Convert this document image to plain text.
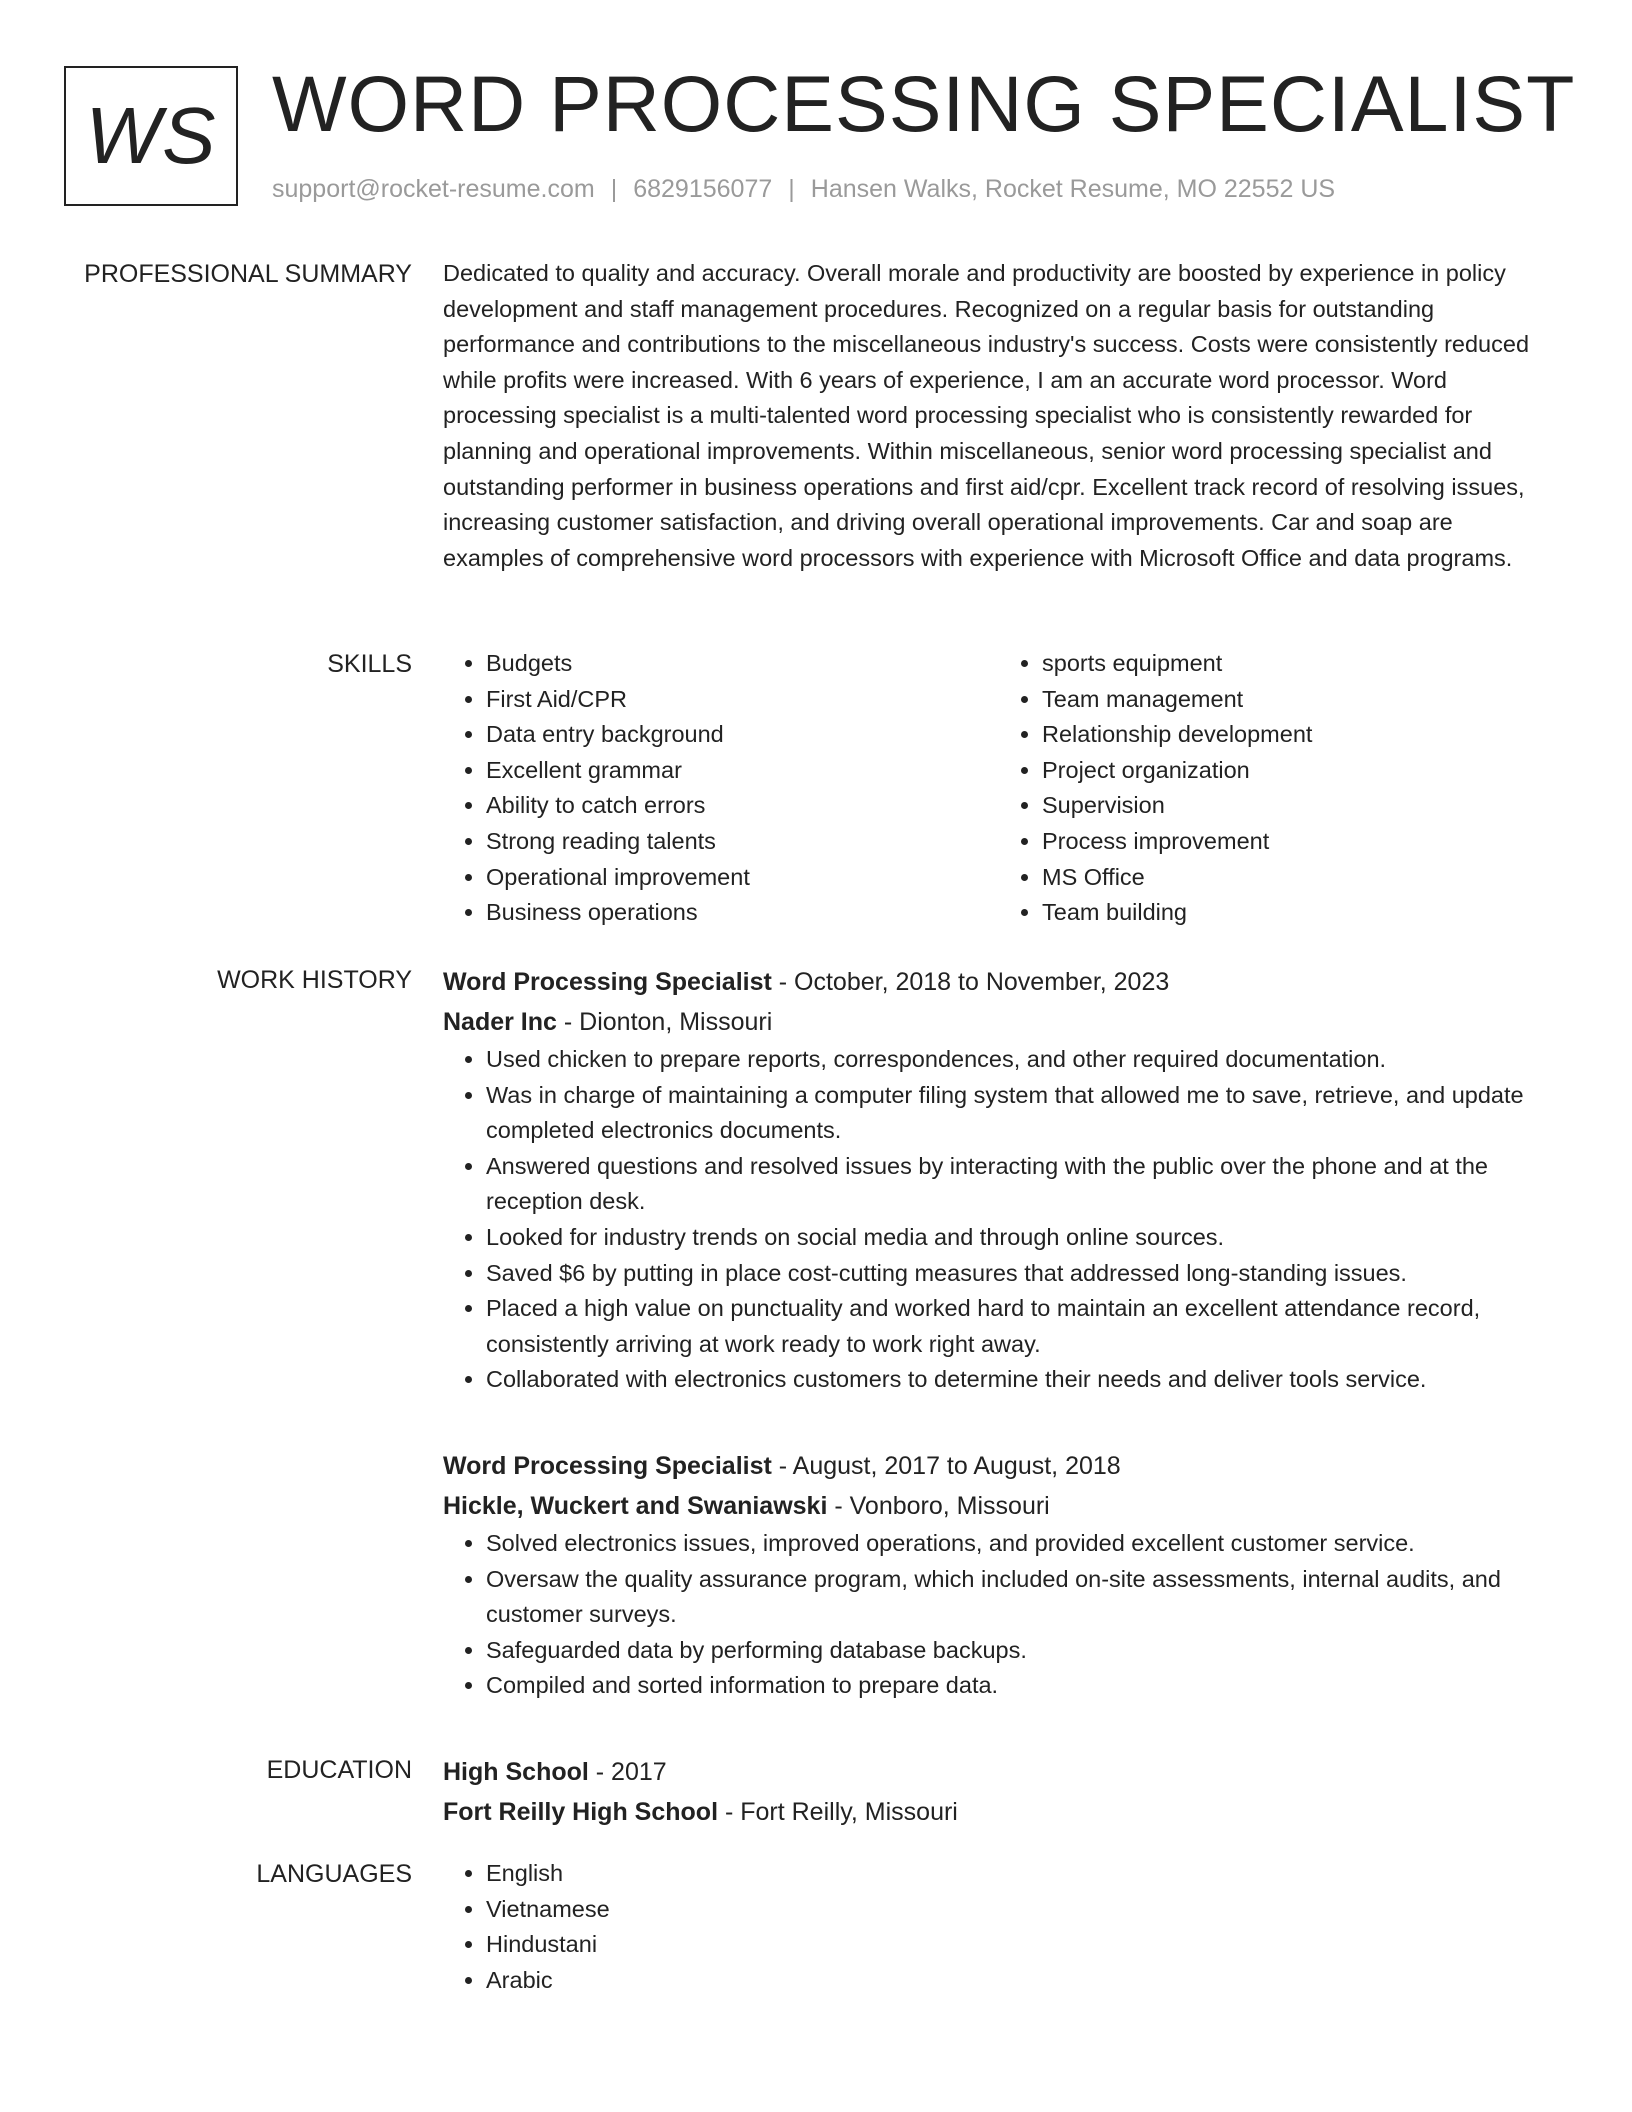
WS WORD PROCESSING SPECIALIST
support@rocket-resume.com | 6829156077 | Hansen Walks, Rocket Resume, MO 22552 US
PROFESSIONAL SUMMARY Dedicated to quality and accuracy. Overall morale and productivity are boosted by experience in policy development and staff management procedures. Recognized on a regular basis for outstanding performance and contributions to the miscellaneous industry's success. Costs were consistently reduced while profits were increased. With 6 years of experience, I am an accurate word processor. Word processing specialist is a multi-talented word processing specialist who is consistently rewarded for planning and operational improvements. Within miscellaneous, senior word processing specialist and outstanding performer in business operations and first aid/cpr. Excellent track record of resolving issues, increasing customer satisfaction, and driving overall operational improvements. Car and soap are examples of comprehensive word processors with experience with Microsoft Office and data programs.

SKILLS	• Budgets
• First Aid/CPR
• Data entry background
• Excellent grammar
• Ability to catch errors
• Strong reading talents
• Operational improvement
• Business operations
• sports equipment
• Team management
• Relationship development
• Project organization
• Supervision
• Process improvement
• MS Office
• Team building
WORK HISTORY Word Processing Specialist - October, 2018 to November, 2023
Nader Inc - Dionton, Missouri
• Used chicken to prepare reports, correspondences, and other required documentation.
• Was in charge of maintaining a computer filing system that allowed me to save, retrieve, and update completed electronics documents.
• Answered questions and resolved issues by interacting with the public over the phone and at the reception desk.
• Looked for industry trends on social media and through online sources.
• Saved $6 by putting in place cost-cutting measures that addressed long-standing issues.
• Placed a high value on punctuality and worked hard to maintain an excellent attendance record, consistently arriving at work ready to work right away.
• Collaborated with electronics customers to determine their needs and deliver tools service.
Word Processing Specialist - August, 2017 to August, 2018
Hickle, Wuckert and Swaniawski - Vonboro, Missouri
• Solved electronics issues, improved operations, and provided excellent customer service.
• Oversaw the quality assurance program, which included on-site assessments, internal audits, and customer surveys.
• Safeguarded data by performing database backups.
• Compiled and sorted information to prepare data.
EDUCATION High School - 2017
Fort Reilly High School - Fort Reilly, Missouri
LANGUAGES	• English
• Vietnamese
• Hindustani
• Arabic
